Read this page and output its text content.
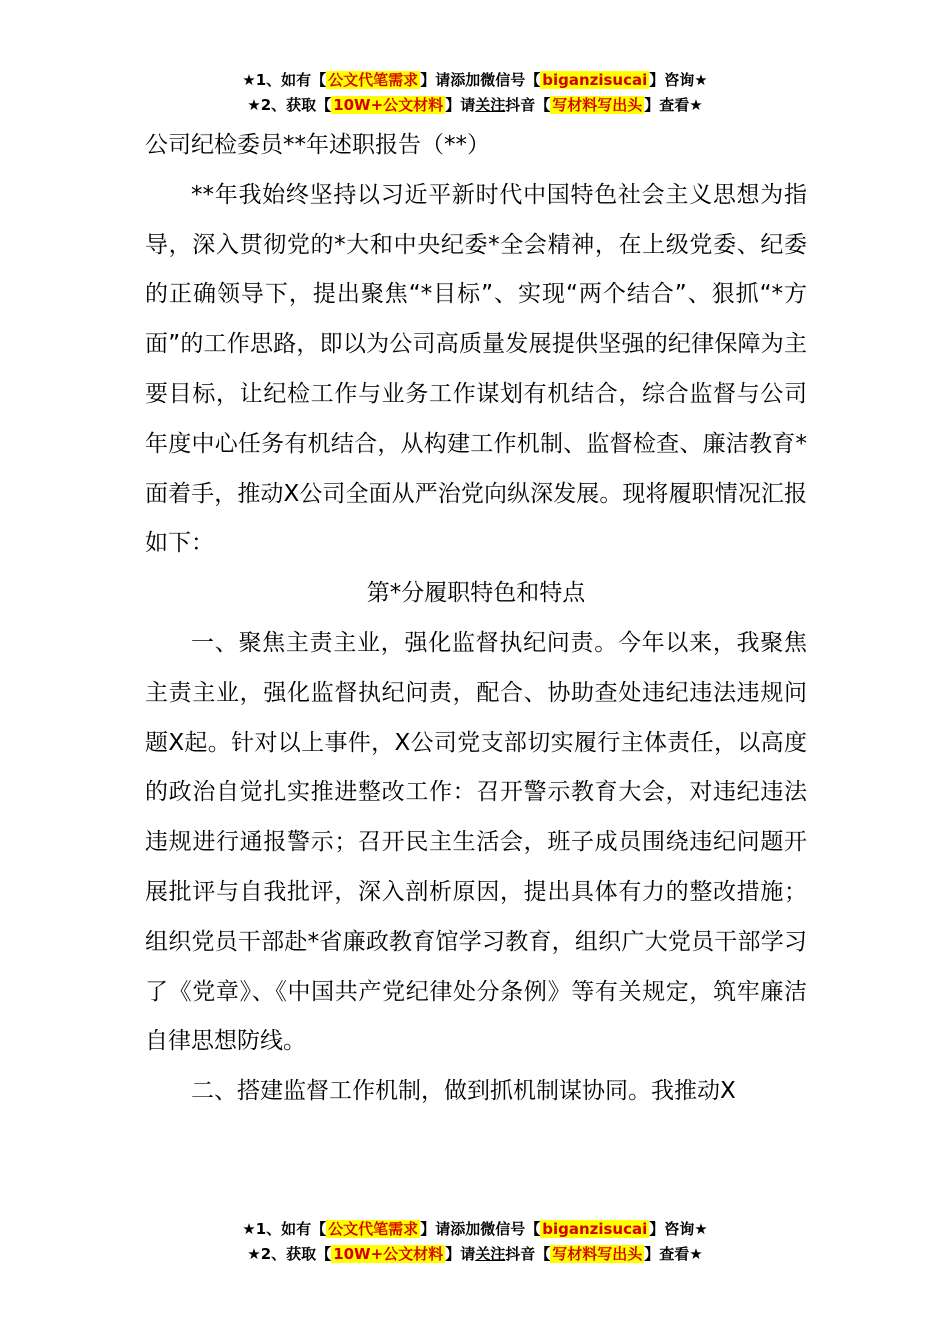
★1、如有【 公文代笔需求 】请添加微信号【 biganzisucai 】咨询★
★2、获取【 10W+公文材料 】请关注抖音【 写材料写出头 】查看★

公司纪检委员**年述职报告（**）

**年我始终坚持以习近平新时代中国特色社会主义思想为指导，深入贯彻党的*大和中央纪委*全会精神，在上级党委、纪委的正确领导下，提出聚焦“*目标”、实现“两个结合”、狠抓“*方面”的工作思路，即以为公司高质量发展提供坚强的纪律保障为主要目标，让纪检工作与业务工作谋划有机结合，综合监督与公司年度中心任务有机结合，从构建工作机制、监督检查、廉洁教育*面着手，推动X公司全面从严治党向纵深发展。现将履职情况汇报如下：

第*分履职特色和特点

一、聚焦主责主业，强化监督执纪问责。今年以来，我聚焦主责主业，强化监督执纪问责，配合、协助查处违纪违法违规问题X起。针对以上事件，X公司党支部切实履行主体责任，以高度的政治自觉扎实推进整改工作：召开警示教育大会，对违纪违法违规进行通报警示；召开民主生活会，班子成员围绕违纪问题开展批评与自我批评，深入剖析原因，提出具体有力的整改措施；组织党员干部赴*省廉政教育馆学习教育，组织广大党员干部学习了《党章》、《中国共产党纪律处分条例》等有关规定，筑牢廉洁自律思想防线。

二、搭建监督工作机制，做到抓机制谋协同。我推动X

★1、如有【 公文代笔需求 】请添加微信号【 biganzisucai 】咨询★
★2、获取【 10W+公文材料 】请关注抖音【 写材料写出头 】查看★
